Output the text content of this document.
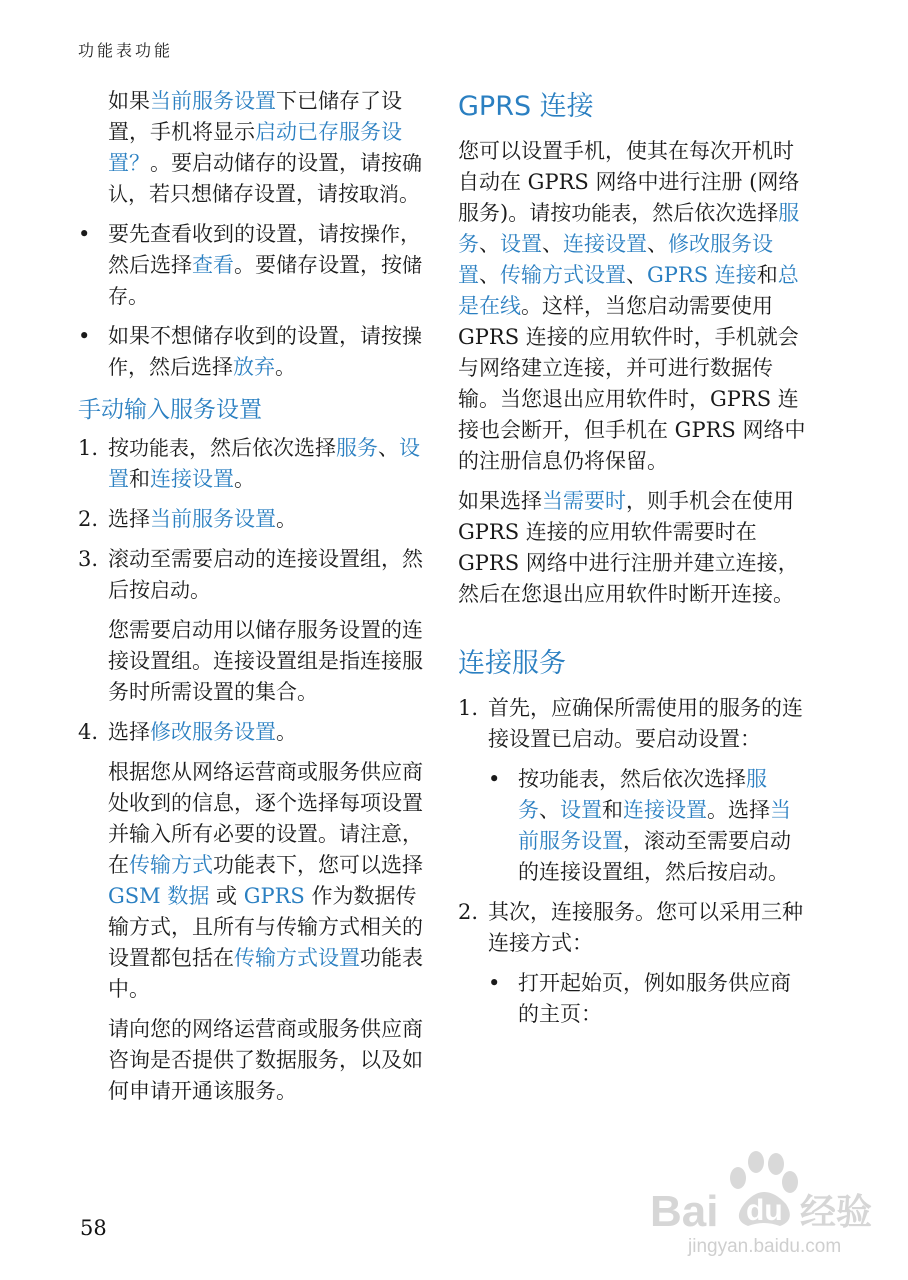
功能表功能

如果当前服务设置下已储存了设置，手机将显示启动已存服务设置？。要启动储存的设置，请按确认，若只想储存设置，请按取消。

• 要先查看收到的设置，请按操作，然后选择查看。要储存设置，按储存。

• 如果不想储存收到的设置，请按操作，然后选择放弃。

手动输入服务设置

1. 按功能表，然后依次选择服务、设置和连接设置。

2. 选择当前服务设置。

3. 滚动至需要启动的连接设置组，然后按启动。

您需要启动用以储存服务设置的连接设置组。连接设置组是指连接服务时所需设置的集合。

4. 选择修改服务设置。

根据您从网络运营商或服务供应商处收到的信息，逐个选择每项设置并输入所有必要的设置。请注意，在传输方式功能表下，您可以选择 GSM 数据 或 GPRS 作为数据传输方式，且所有与传输方式相关的设置都包括在传输方式设置功能表中。

请向您的网络运营商或服务供应商咨询是否提供了数据服务，以及如何申请开通该服务。

GPRS 连接

您可以设置手机，使其在每次开机时自动在 GPRS 网络中进行注册 (网络服务)。请按功能表，然后依次选择服务、设置、连接设置、修改服务设置、传输方式设置、GPRS 连接和总是在线。这样，当您启动需要使用 GPRS 连接的应用软件时，手机就会与网络建立连接，并可进行数据传输。当您退出应用软件时，GPRS 连接也会断开，但手机在 GPRS 网络中的注册信息仍将保留。

如果选择当需要时，则手机会在使用 GPRS 连接的应用软件需要时在 GPRS 网络中进行注册并建立连接，然后在您退出应用软件时断开连接。

连接服务

1. 首先，应确保所需使用的服务的连接设置已启动。要启动设置：

• 按功能表，然后依次选择服务、设置和连接设置。选择当前服务设置，滚动至需要启动的连接设置组，然后按启动。

2. 其次，连接服务。您可以采用三种连接方式：

• 打开起始页，例如服务供应商的主页：

58	Bai du 经验
jingyan.baidu.com
